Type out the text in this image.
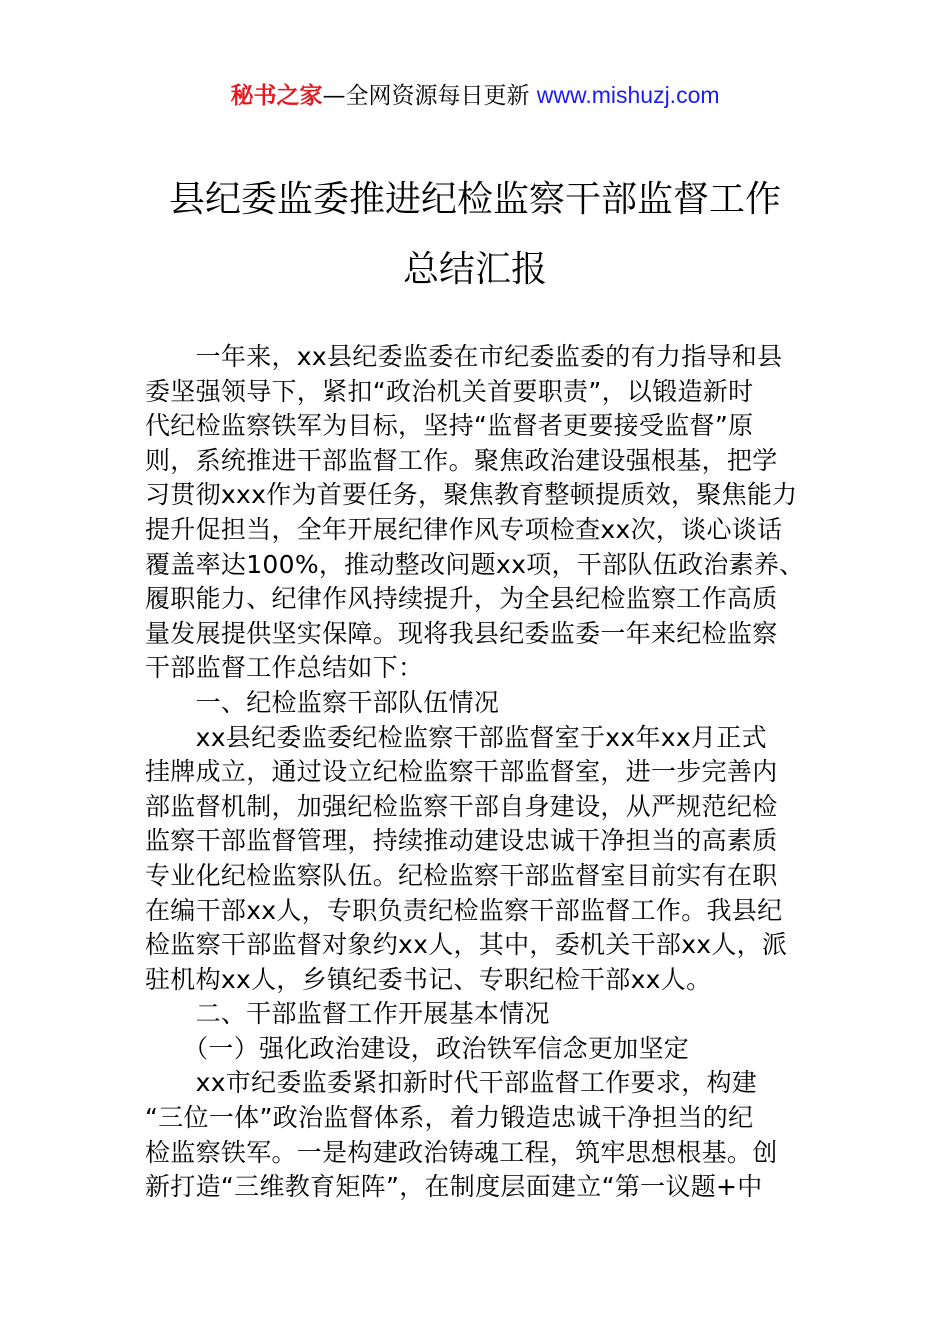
秘书之家—全网资源每日更新 www.mishuzj.com
县纪委监委推进纪检监察干部监督工作
总结汇报
　　一年来，xx县纪委监委在市纪委监委的有力指导和县
委坚强领导下，紧扣“政治机关首要职责”，以锻造新时
代纪检监察铁军为目标，坚持“监督者更要接受监督”原
则，系统推进干部监督工作。聚焦政治建设强根基，把学
习贯彻xxx作为首要任务，聚焦教育整顿提质效，聚焦能力
提升促担当，全年开展纪律作风专项检查xx次，谈心谈话
覆盖率达100%，推动整改问题xx项，干部队伍政治素养、
履职能力、纪律作风持续提升，为全县纪检监察工作高质
量发展提供坚实保障。现将我县纪委监委一年来纪检监察
干部监督工作总结如下：
　　一、纪检监察干部队伍情况
　　xx县纪委监委纪检监察干部监督室于xx年xx月正式
挂牌成立，通过设立纪检监察干部监督室，进一步完善内
部监督机制，加强纪检监察干部自身建设，从严规范纪检
监察干部监督管理，持续推动建设忠诚干净担当的高素质
专业化纪检监察队伍。纪检监察干部监督室目前实有在职
在编干部xx人，专职负责纪检监察干部监督工作。我县纪
检监察干部监督对象约xx人，其中，委机关干部xx人，派
驻机构xx人，乡镇纪委书记、专职纪检干部xx人。
　　二、干部监督工作开展基本情况
　　（一）强化政治建设，政治铁军信念更加坚定
　　xx市纪委监委紧扣新时代干部监督工作要求，构建
“三位一体”政治监督体系，着力锻造忠诚干净担当的纪
检监察铁军。一是构建政治铸魂工程，筑牢思想根基。创
新打造“三维教育矩阵”，在制度层面建立“第一议题+中
